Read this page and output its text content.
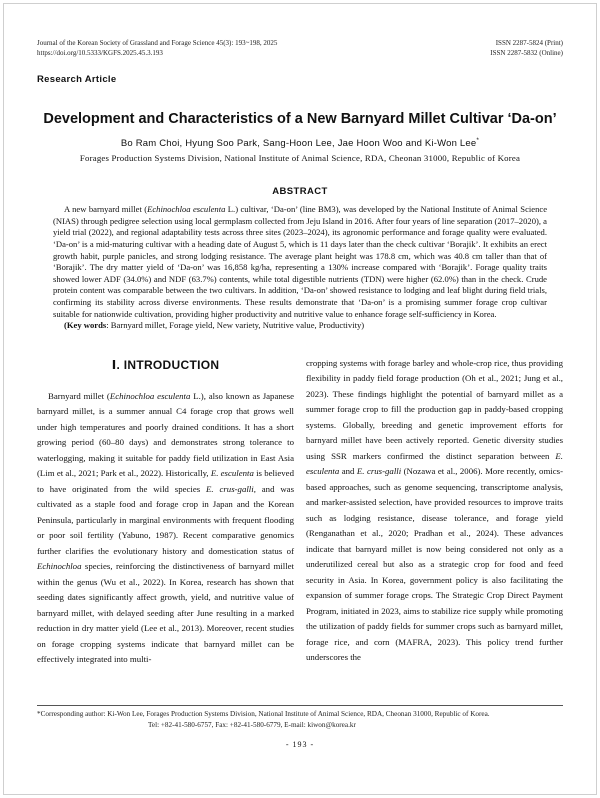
Journal of the Korean Society of Grassland and Forage Science 45(3): 193~198, 2025
https://doi.org/10.5333/KGFS.2025.45.3.193
ISSN 2287-5824 (Print)
ISSN 2287-5832 (Online)
Research Article
Development and Characteristics of a New Barnyard Millet Cultivar ‘Da-on’
Bo Ram Choi, Hyung Soo Park, Sang-Hoon Lee, Jae Hoon Woo and Ki-Won Lee*
Forages Production Systems Division, National Institute of Animal Science, RDA, Cheonan 31000, Republic of Korea
ABSTRACT

A new barnyard millet (Echinochloa esculenta L.) cultivar, ‘Da-on’ (line BM3), was developed by the National Institute of Animal Science (NIAS) through pedigree selection using local germplasm collected from Jeju Island in 2016. After four years of line separation (2017–2020), a yield trial (2022), and regional adaptability tests across three sites (2023–2024), its agronomic performance and forage quality were evaluated. ‘Da-on’ is a mid-maturing cultivar with a heading date of August 5, which is 11 days later than the check cultivar ‘Borajik’. It exhibits an erect growth habit, purple panicles, and strong lodging resistance. The average plant height was 178.8 cm, which was 40.8 cm taller than that of ‘Borajik’. The dry matter yield of ‘Da-on’ was 16,858 kg/ha, representing a 130% increase compared with ‘Borajik’. Forage quality traits showed lower ADF (34.0%) and NDF (63.7%) contents, while total digestible nutrients (TDN) were higher (62.0%) than in the check. Crude protein content was comparable between the two cultivars. In addition, ‘Da-on’ showed resistance to lodging and leaf blight during field trials, confirming its stability across diverse environments. These results demonstrate that ‘Da-on’ is a promising summer forage crop cultivar suitable for nationwide cultivation, providing higher productivity and nutritive value to enhance forage self-sufficiency in Korea.

(Key words: Barnyard millet, Forage yield, New variety, Nutritive value, Productivity)

Ⅰ. INTRODUCTION

Barnyard millet (Echinochloa esculenta L.), also known as Japanese barnyard millet, is a summer annual C4 forage crop that grows well under high temperatures and poorly drained conditions. It has a short growing period (60–80 days) and demonstrates strong tolerance to waterlogging, making it suitable for paddy field utilization in East Asia (Lim et al., 2021; Park et al., 2022). Historically, E. esculenta is believed to have originated from the wild species E. crus-galli, and was cultivated as a staple food and forage crop in Japan and the Korean Peninsula, particularly in marginal environments with frequent flooding or poor soil fertility (Yabuno, 1987). Recent comparative genomics further clarifies the evolutionary history and domestication status of Echinochloa species, reinforcing the distinctiveness of barnyard millet within the genus (Wu et al., 2022). In Korea, research has shown that seeding dates significantly affect growth, yield, and nutritive value of barnyard millet, with delayed seeding after June resulting in a marked reduction in dry matter yield (Lee et al., 2013). Moreover, recent studies on forage cropping systems indicate that barnyard millet can be effectively integrated into multi-

cropping systems with forage barley and whole-crop rice, thus providing flexibility in paddy field forage production (Oh et al., 2021; Jung et al., 2023). These findings highlight the potential of barnyard millet as a summer forage crop to fill the production gap in paddy-based cropping systems. Globally, breeding and genetic improvement efforts for barnyard millet have been actively reported. Genetic diversity studies using SSR markers confirmed the distinct separation between E. esculenta and E. crus-galli (Nozawa et al., 2006). More recently, omics-based approaches, such as genome sequencing, transcriptome analysis, and marker-assisted selection, have provided resources to improve traits such as lodging resistance, disease tolerance, and forage yield (Renganathan et al., 2020; Pradhan et al., 2024). These advances indicate that barnyard millet is now being considered not only as a underutilized cereal but also as a strategic crop for food and feed security in Asia. In Korea, government policy is also facilitating the expansion of summer forage crops. The Strategic Crop Direct Payment Program, initiated in 2023, aims to stabilize rice supply while promoting the utilization of paddy fields for summer crops such as barnyard millet, forage rice, and corn (MAFRA, 2023). This policy trend further underscores the

*Corresponding author: Ki-Won Lee, Forages Production Systems Division, National Institute of Animal Science, RDA, Cheonan 31000, Republic of Korea.
Tel: +82-41-580-6757, Fax: +82-41-580-6779, E-mail: kiwon@korea.kr
- 193 -
